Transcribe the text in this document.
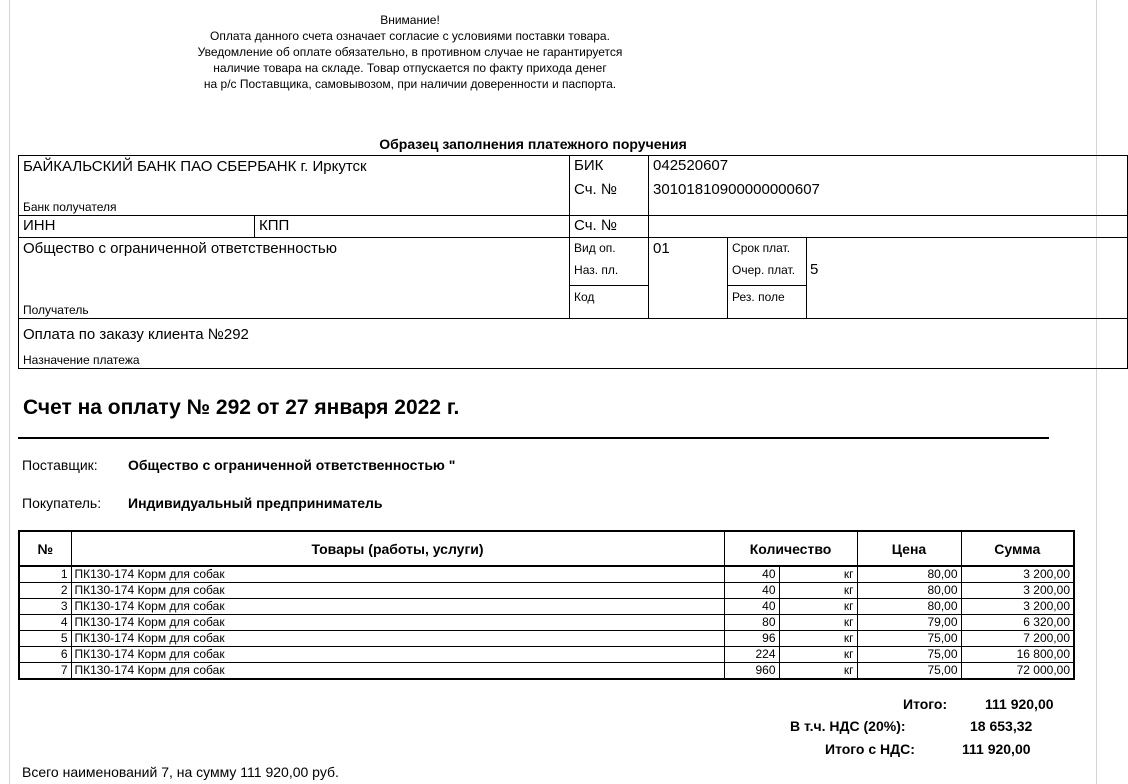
Внимание!
Оплата данного счета означает согласие с условиями поставки товара.
Уведомление об оплате обязательно, в противном случае не гарантируется
наличие товара на складе. Товар отпускается по факту прихода денег
на р/с Поставщика, самовывозом, при наличии доверенности и паспорта.
Образец заполнения платежного поручения
БАЙКАЛЬСКИЙ БАНК ПАО СБЕРБАНК г. Иркутск
Банк получателя		БИК	042520607		
		Сч. №	30101810900000000607		
ИНН	КПП	Сч. №			

Общество с ограниченной ответственностью
Получатель		Вид оп.	01	Срок плат.	
		Наз. пл.		Очер. плат. 5	

		Код		Рез. поле	

Оплата по заказу клиента №292
Назначение платежа					
Счет на оплату № 292 от 27 января 2022 г.
Поставщик: Общество с ограниченной ответственностью "
Покупатель: Индивидуальный предприниматель
№	Товары (работы, услуги)	Количество		Цена	Сумма
1	ПК130-174 Корм для собак	40	кг	80,00	3 200,00
2	ПК130-174 Корм для собак	40	кг	80,00	3 200,00
3	ПК130-174 Корм для собак	40	кг	80,00	3 200,00
4	ПК130-174 Корм для собак	80	кг	79,00	6 320,00
5	ПК130-174 Корм для собак	96	кг	75,00	7 200,00
6	ПК130-174 Корм для собак	224	кг	75,00	16 800,00
7	ПК130-174 Корм для собак	960	кг	75,00	72 000,00
Итого:	111 920,00
В т.ч. НДС (20%):	18 653,32
Итого с НДС:	111 920,00
Всего наименований 7, на сумму 111 920,00 руб.
